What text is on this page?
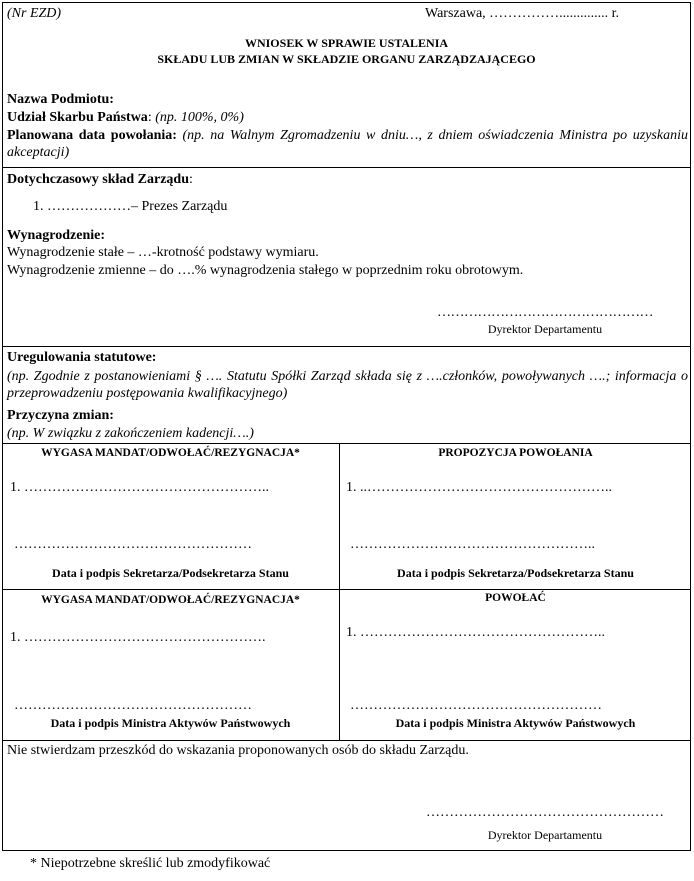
(Nr EZD)	Warszawa, …………….............. r.
WNIOSEK W SPRAWIE USTALENIA
SKŁADU LUB ZMIAN W SKŁADZIE ORGANU ZARZĄDZAJĄCEGO
Nazwa Podmiotu:
Udział Skarbu Państwa: (np. 100%, 0%)
Planowana data powołania: (np. na Walnym Zgromadzeniu w dniu…, z dniem oświadczenia Ministra po uzyskaniu akceptacji)
Dotychczasowy skład Zarządu:
1. ………………– Prezes Zarządu
Wynagrodzenie:
Wynagrodzenie stałe – …-krotność podstawy wymiaru.
Wynagrodzenie zmienne – do ….% wynagrodzenia stałego w poprzednim roku obrotowym.
…………………………………………
Dyrektor Departamentu
Uregulowania statutowe:
(np. Zgodnie z postanowieniami § …. Statutu Spółki Zarząd składa się z ….członków, powoływanych ….; informacja o przeprowadzeniu postępowania kwalifikacyjnego)
Przyczyna zmian:
(np. W związku z zakończeniem kadencji….)
WYGASA MANDAT/ODWOŁAĆ/REZYGNACJA*
1. ……………………………………………..
……………………………………………
Data i podpis Sekretarza/Podsekretarza Stanu
PROPOZYCJA POWOŁANIA
1. ..……………………………………………..
……………………………………………..
Data i podpis Sekretarza/Podsekretarza Stanu
WYGASA MANDAT/ODWOŁAĆ/REZYGNACJA*
1. …………………………………………….
……………………………………………
Data i podpis Ministra Aktywów Państwowych
POWOŁAĆ
1. ……………………………………………..
………………………………………………
Data i podpis Ministra Aktywów Państwowych
Nie stwierdzam przeszkód do wskazania proponowanych osób do składu Zarządu.
……………………………………………
Dyrektor Departamentu
* Niepotrzebne skreślić lub zmodyfikować
